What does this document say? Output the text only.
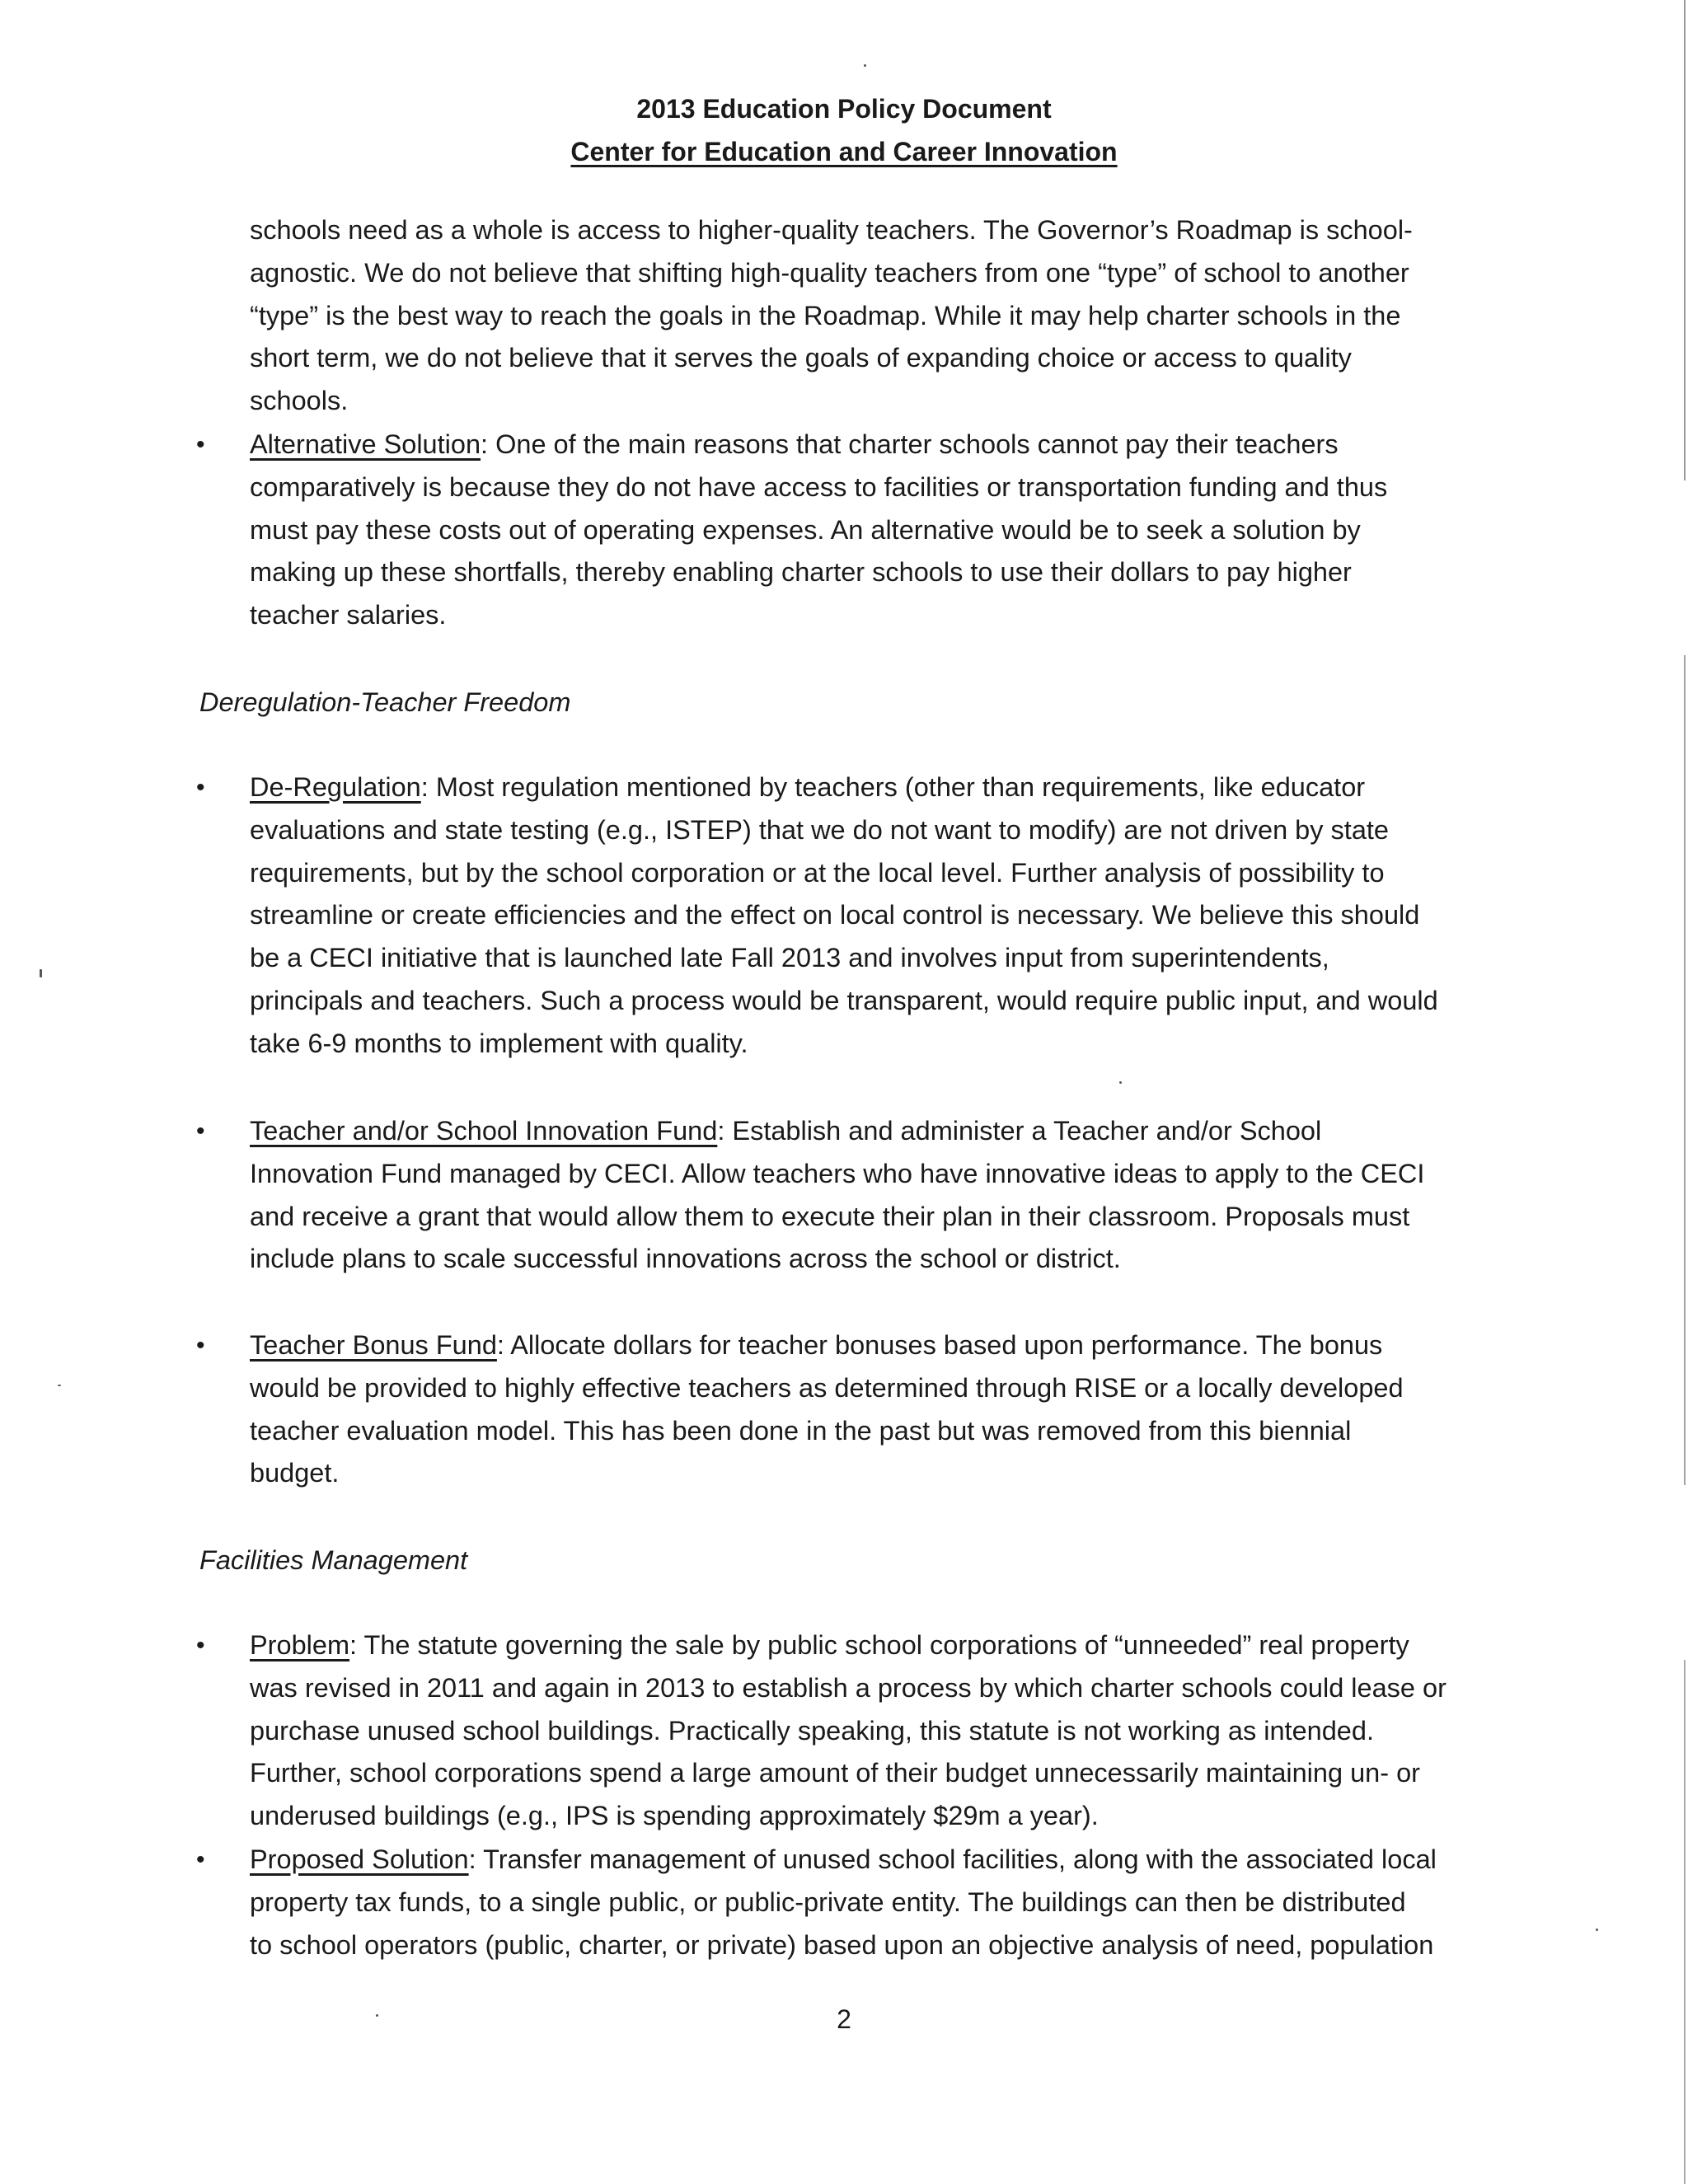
2013 Education Policy Document
Center for Education and Career Innovation
schools need as a whole is access to higher-quality teachers. The Governor’s Roadmap is school-
agnostic. We do not believe that shifting high-quality teachers from one “type” of school to another
“type” is the best way to reach the goals in the Roadmap. While it may help charter schools in the
short term, we do not believe that it serves the goals of expanding choice or access to quality
schools.
• Alternative Solution: One of the main reasons that charter schools cannot pay their teachers
comparatively is because they do not have access to facilities or transportation funding and thus
must pay these costs out of operating expenses. An alternative would be to seek a solution by
making up these shortfalls, thereby enabling charter schools to use their dollars to pay higher
teacher salaries.
Deregulation-Teacher Freedom
• De-Regulation: Most regulation mentioned by teachers (other than requirements, like educator
evaluations and state testing (e.g., ISTEP) that we do not want to modify) are not driven by state
requirements, but by the school corporation or at the local level. Further analysis of possibility to
streamline or create efficiencies and the effect on local control is necessary. We believe this should
be a CECI initiative that is launched late Fall 2013 and involves input from superintendents,
principals and teachers. Such a process would be transparent, would require public input, and would
take 6-9 months to implement with quality.
• Teacher and/or School Innovation Fund: Establish and administer a Teacher and/or School
Innovation Fund managed by CECI. Allow teachers who have innovative ideas to apply to the CECI
and receive a grant that would allow them to execute their plan in their classroom. Proposals must
include plans to scale successful innovations across the school or district.
• Teacher Bonus Fund: Allocate dollars for teacher bonuses based upon performance. The bonus
would be provided to highly effective teachers as determined through RISE or a locally developed
teacher evaluation model. This has been done in the past but was removed from this biennial
budget.
Facilities Management
• Problem: The statute governing the sale by public school corporations of “unneeded” real property
was revised in 2011 and again in 2013 to establish a process by which charter schools could lease or
purchase unused school buildings. Practically speaking, this statute is not working as intended.
Further, school corporations spend a large amount of their budget unnecessarily maintaining un- or
underused buildings (e.g., IPS is spending approximately $29m a year).
• Proposed Solution: Transfer management of unused school facilities, along with the associated local
property tax funds, to a single public, or public-private entity. The buildings can then be distributed
to school operators (public, charter, or private) based upon an objective analysis of need, population
2
